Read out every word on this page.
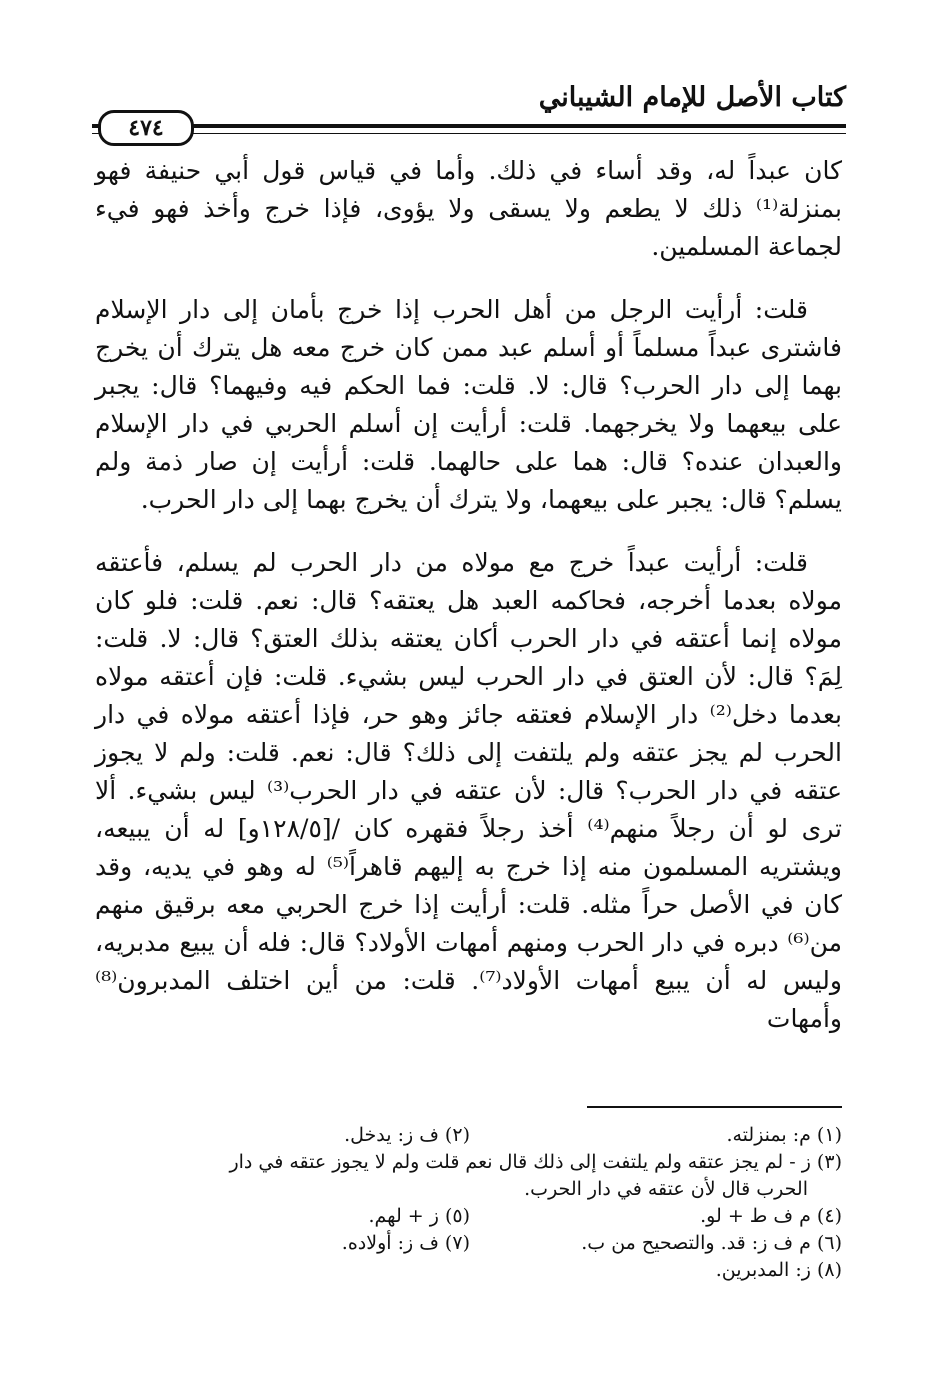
كتاب الأصل للإمام الشيباني
٤٧٤

كان عبداً له، وقد أساء في ذلك. وأما في قياس قول أبي حنيفة فهو بمنزلة⁽¹⁾ ذلك لا يطعم ولا يسقى ولا يؤوى، فإذا خرج وأخذ فهو فيء لجماعة المسلمين.

قلت: أرأيت الرجل من أهل الحرب إذا خرج بأمان إلى دار الإسلام فاشترى عبداً مسلماً أو أسلم عبد ممن كان خرج معه هل يترك أن يخرج بهما إلى دار الحرب؟ قال: لا. قلت: فما الحكم فيه وفيهما؟ قال: يجبر على بيعهما ولا يخرجهما. قلت: أرأيت إن أسلم الحربي في دار الإسلام والعبدان عنده؟ قال: هما على حالهما. قلت: أرأيت إن صار ذمة ولم يسلم؟ قال: يجبر على بيعهما، ولا يترك أن يخرج بهما إلى دار الحرب.

قلت: أرأيت عبداً خرج مع مولاه من دار الحرب لم يسلم، فأعتقه مولاه بعدما أخرجه، فحاكمه العبد هل يعتقه؟ قال: نعم. قلت: فلو كان مولاه إنما أعتقه في دار الحرب أكان يعتقه بذلك العتق؟ قال: لا. قلت: لِمَ؟ قال: لأن العتق في دار الحرب ليس بشيء. قلت: فإن أعتقه مولاه بعدما دخل⁽²⁾ دار الإسلام فعتقه جائز وهو حر، فإذا أعتقه مولاه في دار الحرب لم يجز عتقه ولم يلتفت إلى ذلك؟ قال: نعم. قلت: ولم لا يجوز عتقه في دار الحرب؟ قال: لأن عتقه في دار الحرب⁽³⁾ ليس بشيء. ألا ترى لو أن رجلاً منهم⁽⁴⁾ أخذ رجلاً فقهره كان /[١٢٨/٥و] له أن يبيعه، ويشتريه المسلمون منه إذا خرج به إليهم قاهراً⁽⁵⁾ له وهو في يديه، وقد كان في الأصل حراً مثله. قلت: أرأيت إذا خرج الحربي معه برقيق منهم من⁽⁶⁾ دبره في دار الحرب ومنهم أمهات الأولاد؟ قال: فله أن يبيع مدبريه، وليس له أن يبيع أمهات الأولاد⁽⁷⁾. قلت: من أين اختلف المدبرون⁽⁸⁾ وأمهات

(١) م: بمنزلته.
(٢) ف ز: يدخل.
(٣) ز - لم يجز عتقه ولم يلتفت إلى ذلك قال نعم قلت ولم لا يجوز عتقه في دار
الحرب قال لأن عتقه في دار الحرب.
(٤) م ف ط + لو.
(٥) ز + لهم.
(٦) م ف ز: قد. والتصحيح من ب.
(٧) ف ز: أولاده.
(٨) ز: المدبرين.
